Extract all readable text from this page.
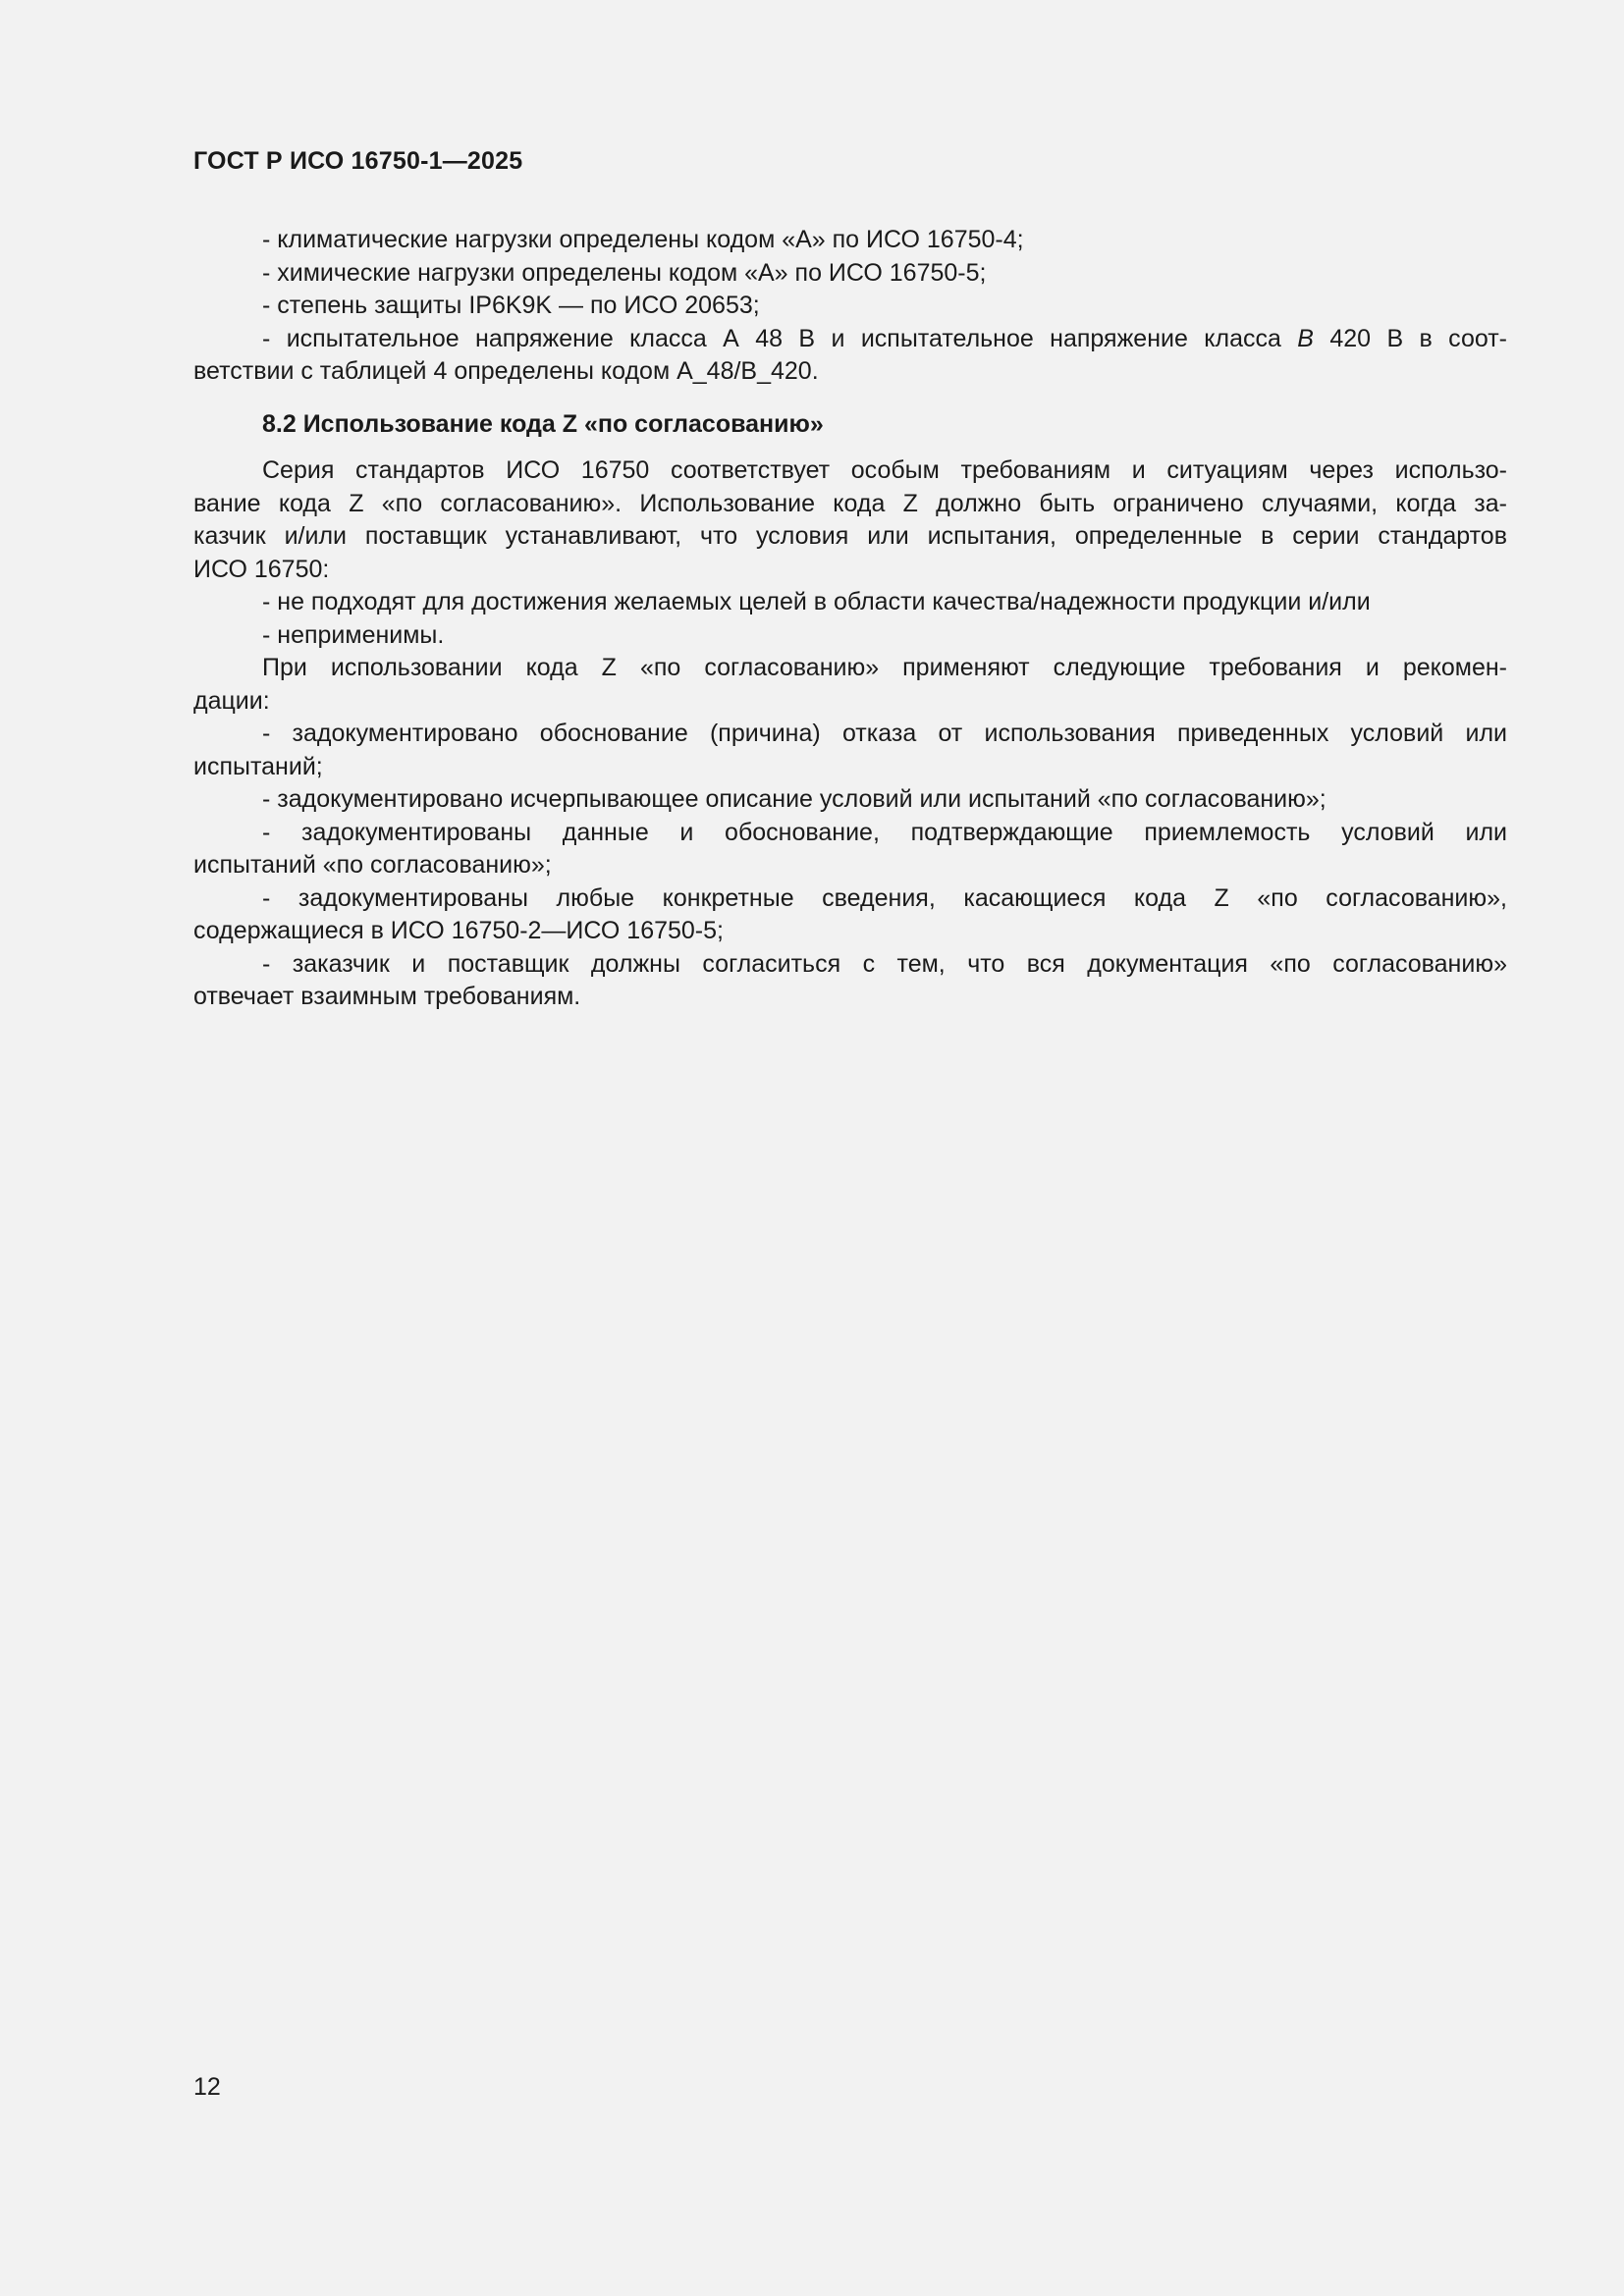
ГОСТ Р ИСО 16750-1—2025
- климатические нагрузки определены кодом «А» по ИСО 16750-4;
- химические нагрузки определены кодом «А» по ИСО 16750-5;
- степень защиты IP6K9K — по ИСО 20653;
- испытательное напряжение класса А 48 В и испытательное напряжение класса B 420 В в соот-
ветствии с таблицей 4 определены кодом A_48/B_420.
8.2 Использование кода Z «по согласованию»
Серия стандартов ИСО 16750 соответствует особым требованиям и ситуациям через использо-
вание кода Z «по согласованию». Использование кода Z должно быть ограничено случаями, когда за-
казчик и/или поставщик устанавливают, что условия или испытания, определенные в серии стандартов
ИСО 16750:
- не подходят для достижения желаемых целей в области качества/надежности продукции и/или
- неприменимы.
При использовании кода Z «по согласованию» применяют следующие требования и рекомен-
дации:
- задокументировано обоснование (причина) отказа от использования приведенных условий или
испытаний;
- задокументировано исчерпывающее описание условий или испытаний «по согласованию»;
- задокументированы данные и обоснование, подтверждающие приемлемость условий или
испытаний «по согласованию»;
- задокументированы любые конкретные сведения, касающиеся кода Z «по согласованию»,
содержащиеся в ИСО 16750-2—ИСО 16750-5;
- заказчик и поставщик должны согласиться с тем, что вся документация «по согласованию»
отвечает взаимным требованиям.
12
